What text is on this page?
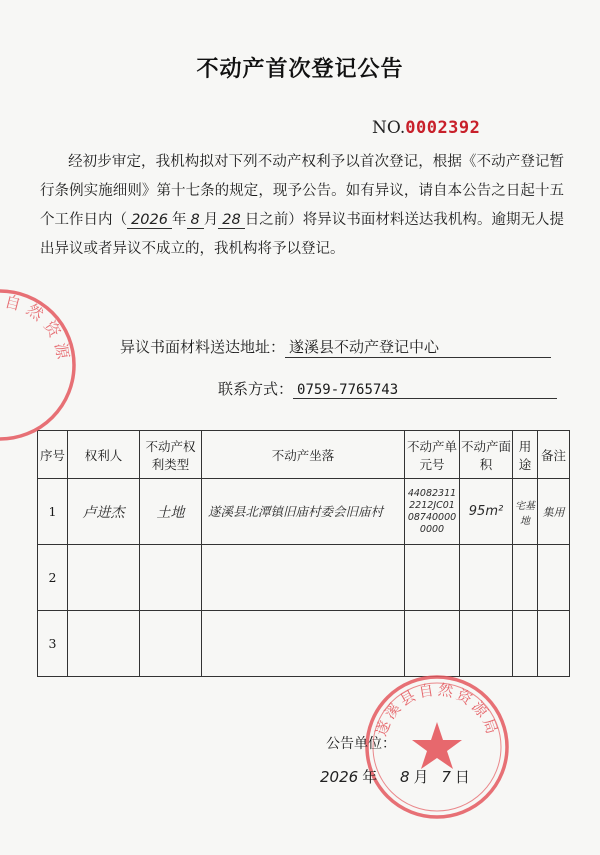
不动产首次登记公告
NO.0002392
经初步审定，我机构拟对下列不动产权利予以首次登记，根据《不动产登记暂行条例实施细则》第十七条的规定，现予公告。如有异议，请自本公告之日起十五个工作日内（ 2026 年 8 月 28 日之前）将异议书面材料送达我机构。逾期无人提出异议或者异议不成立的，我机构将予以登记。
异议书面材料送达地址： 遂溪县不动产登记中心
联系方式： 0759-7765743
序号	权利人	不动产权利类型	不动产坐落	不动产单元号	不动产面积	用途	备注
1	卢进杰	土地	遂溪县北潭镇旧庙村委会旧庙村	440823112212JC01087400000000	95m²	宅基地	集用
2							
3							
自然资源
遂溪县自然资源局
公告单位：
2026 年 8 月 7 日
